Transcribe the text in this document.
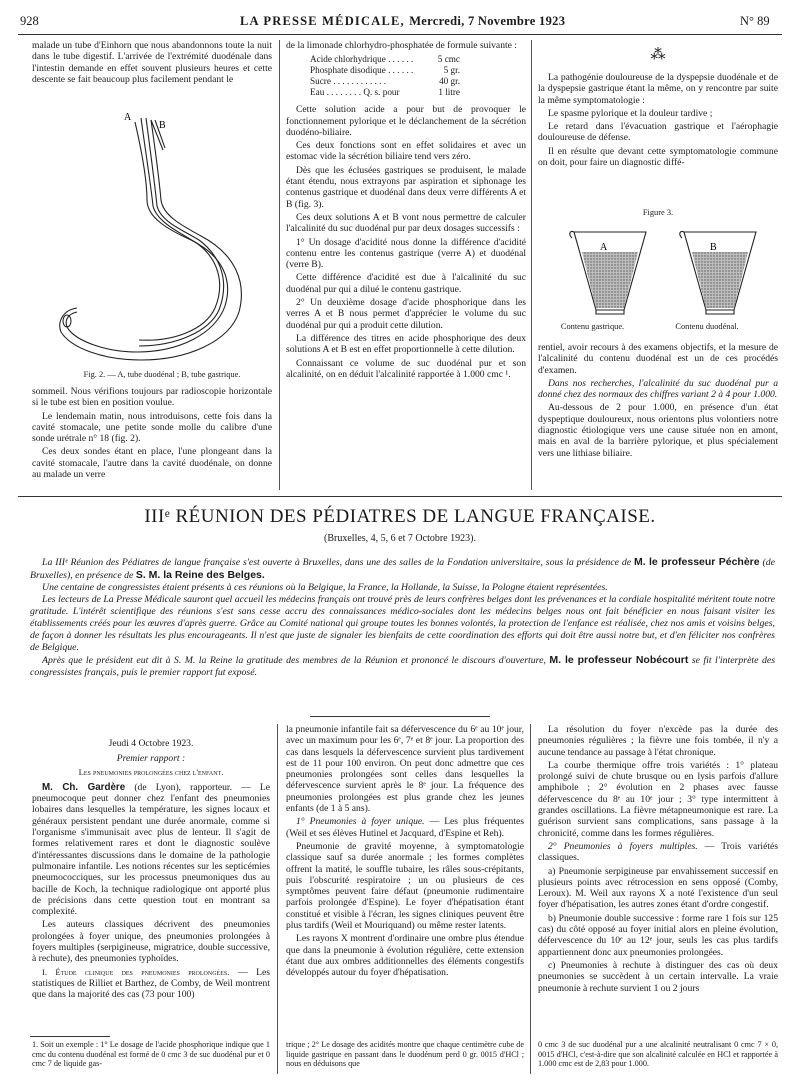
928	LA PRESSE MÉDICALE, Mercredi, 7 Novembre 1923	N° 89

malade un tube d'Einhorn que nous abandonnons toute la nuit dans le tube digestif. L'arrivée de l'extrémité duodénale dans l'intestin demande en effet souvent plusieurs heures et cette descente se fait beaucoup plus facilement pendant le

A
B
Fig. 2. — A, tube duodénal ; B, tube gastrique.

sommeil. Nous vérifions toujours par radioscopie horizontale si le tube est bien en position voulue.

Le lendemain matin, nous introduisons, cette fois dans la cavité stomacale, une petite sonde molle du calibre d'une sonde urétrale n° 18 (fig. 2).

Ces deux sondes étant en place, l'une plongeant dans la cavité stomacale, l'autre dans la cavité duodénale, on donne au malade un verre

de la limonade chlorhydro-phosphatée de formule suivante :

Acide chlorhydrique . . . . . .	5 cmc
Phosphate disodique . . . . . .	5 gr.
Sucre . . . . . . . . . . . .	40 gr.
Eau . . . . . . . . Q. s. pour	1 litre

Cette solution acide a pour but de provoquer le fonctionnement pylorique et le déclanchement de la sécrétion duodéno-biliaire.

Ces deux fonctions sont en effet solidaires et avec un estomac vide la sécrétion biliaire tend vers zéro.

Dès que les éclusées gastriques se produisent, le malade étant étendu, nous extrayons par aspiration et siphonage les contenus gastrique et duodénal dans deux verre différents A et B (fig. 3).

Ces deux solutions A et B vont nous permettre de calculer l'alcalinité du suc duodénal pur par deux dosages successifs :

1° Un dosage d'acidité nous donne la différence d'acidité contenu entre les contenus gastrique (verre A) et duodénal (verre B).

Cette différence d'acidité est due à l'alcalinité du suc duodénal pur qui a dilué le contenu gastrique.

2° Un deuxième dosage d'acide phosphorique dans les verres A et B nous permet d'apprécier le volume du suc duodénal pur qui a produit cette dilution.

La différence des titres en acide phosphorique des deux solutions A et B est en effet proportionnelle à cette dilution.

Connaissant ce volume de suc duodénal pur et son alcalinité, on en déduit l'alcalinité rapportée à 1.000 cmc ¹.

⁂

La pathogénie douloureuse de la dyspepsie duodénale et de la dyspepsie gastrique étant la même, on y rencontre par suite la même symptomatologie :

Le spasme pylorique et la douleur tardive ;

Le retard dans l'évacuation gastrique et l'aérophagie douloureuse de défense.

Il en résulte que devant cette symptomatologie commune on doit, pour faire un diagnostic diffé-

Figure 3.
A	B
Contenu gastrique.	Contenu duodénal.

rentiel, avoir recours à des examens objectifs, et la mesure de l'alcalinité du contenu duodénal est un de ces procédés d'examen.

Dans nos recherches, l'alcalinité du suc duodénal pur a donné chez des normaux des chiffres variant 2 à 4 pour 1.000.

Au-dessous de 2 pour 1.000, en présence d'un état dyspeptique douloureux, nous orientons plus volontiers notre diagnostic étiologique vers une cause située non en amont, mais en aval de la barrière pylorique, et plus spécialement vers une lithiase biliaire.

IIIᵉ RÉUNION DES PÉDIATRES DE LANGUE FRANÇAISE.
(Bruxelles, 4, 5, 6 et 7 Octobre 1923).

La IIIᵉ Réunion des Pédiatres de langue française s'est ouverte à Bruxelles, dans une des salles de la Fondation universitaire, sous la présidence de M. le professeur Péchère (de Bruxelles), en présence de S. M. la Reine des Belges.

Une centaine de congressistes étaient présents à ces réunions où la Belgique, la France, la Hollande, la Suisse, la Pologne étaient représentées.

Les lecteurs de La Presse Médicale sauront quel accueil les médecins français ont trouvé près de leurs confrères belges dont les prévenances et la cordiale hospitalité méritent toute notre gratitude. L'intérêt scientifique des réunions s'est sans cesse accru des connaissances médico-sociales dont les médecins belges nous ont fait bénéficier en nous faisant visiter les établissements créés pour les œuvres d'après guerre. Grâce au Comité national qui groupe toutes les bonnes volontés, la protection de l'enfance est réalisée, chez nos amis et voisins belges, de façon à donner les résultats les plus encourageants. Il n'est que juste de signaler les bienfaits de cette coordination des efforts qui doit être aussi notre but, et d'en féliciter nos confrères de Belgique.

Après que le président eut dit à S. M. la Reine la gratitude des membres de la Réunion et prononcé le discours d'ouverture, M. le professeur Nobécourt se fit l'interprète des congressistes français, puis le premier rapport fut exposé.

Jeudi 4 Octobre 1923.

Premier rapport :

Les pneumonies prolongées chez l'enfant.

M. Ch. Gardère (de Lyon), rapporteur. — Le pneumocoque peut donner chez l'enfant des pneumonies lobaires dans lesquelles la température, les signes locaux et généraux persistent pendant une durée anormale, comme si l'organisme s'immunisait avec plus de lenteur. Il s'agit de formes relativement rares et dont le diagnostic soulève d'intéressantes discussions dans le domaine de la pathologie pulmonaire infantile. Les notions récentes sur les septicémies pneumococciques, sur les processus pneumoniques dus au bacille de Koch, la technique radiologique ont apporté plus de précisions dans cette question tout en montrant sa complexité.

Les auteurs classiques décrivent des pneumonies prolongées à foyer unique, des pneumonies prolongées à foyers multiples (serpigineuse, migratrice, double successive, à rechute), des pneumonies typhoïdes.

I. Étude clinique des pneumonies prolongées. — Les statistiques de Rilliet et Barthez, de Comby, de Weil montrent que dans la majorité des cas (73 pour 100)

la pneumonie infantile fait sa défervescence du 6ᵉ au 10ᵉ jour, avec un maximum pour les 6ᵉ, 7ᵉ et 8ᵉ jour. La proportion des cas dans lesquels la défervescence survient plus tardivement est de 11 pour 100 environ. On peut donc admettre que ces pneumonies prolongées sont celles dans lesquelles la défervescence survient après le 8ᵉ jour. La fréquence des pneumonies prolongées est plus grande chez les jeunes enfants (de 1 à 5 ans).

1° Pneumonies à foyer unique. — Les plus fréquentes (Weil et ses élèves Hutinel et Jacquard, d'Espine et Reh).

Pneumonie de gravité moyenne, à symptomatologie classique sauf sa durée anormale ; les formes complètes offrent la matité, le souffle tubaire, les râles sous-crépitants, puis l'obscurité respiratoire ; un ou plusieurs de ces symptômes peuvent faire défaut (pneumonie rudimentaire parfois prolongée d'Espine). Le foyer d'hépatisation étant constitué et visible à l'écran, les signes cliniques peuvent être plus tardifs (Weil et Mouriquand) ou même rester latents.

Les rayons X montrent d'ordinaire une ombre plus étendue que dans la pneumonie à évolution régulière, cette extension étant due aux ombres additionnelles des éléments congestifs développés autour du foyer d'hépatisation.

La résolution du foyer n'excède pas la durée des pneumonies régulières ; la fièvre une fois tombée, il n'y a aucune tendance au passage à l'état chronique.

La courbe thermique offre trois variétés : 1° plateau prolongé suivi de chute brusque ou en lysis parfois d'allure amphibole ; 2° évolution en 2 phases avec fausse défervescence du 8ᵉ au 10ᵉ jour ; 3° type intermittent à grandes oscillations. La fièvre métapneumonique est rare. La guérison survient sans complications, sans passage à la chronicité, comme dans les formes régulières.

2° Pneumonies à foyers multiples. — Trois variétés classiques.

a) Pneumonie serpigineuse par envahissement successif en plusieurs points avec rétrocession en sens opposé (Comby, Leroux). M. Weil aux rayons X a noté l'existence d'un seul foyer d'hépatisation, les autres zones étant d'ordre congestif.

b) Pneumonie double successive : forme rare 1 fois sur 125 cas) du côté opposé au foyer initial alors en pleine évolution, défervescence du 10ᵉ au 12ᵉ jour, seuls les cas plus tardifs appartiennent donc aux pneumonies prolongées.

c) Pneumonies à rechute à distinguer des cas où deux pneumonies se succèdent à un certain intervalle. La vraie pneumonie à rechute survient 1 ou 2 jours

1. Soit un exemple : 1° Le dosage de l'acide phosphorique indique que 1 cmc du contenu duodénal est formé de 0 cmc 3 de suc duodénal pur et 0 cmc 7 de liquide gas-
trique ; 2° Le dosage des acidités montre que chaque centimètre cube de liquide gastrique en passant dans le duodénum perd 0 gr. 0015 d'HCl ; nous en déduisons que
0 cmc 3 de suc duodénal pur a une alcalinité neutralisant 0 cmc 7 × 0, 0015 d'HCl, c'est-à-dire que son alcalinité calculée en HCl et rapportée à 1.000 cmc est de 2,83 pour 1.000.
